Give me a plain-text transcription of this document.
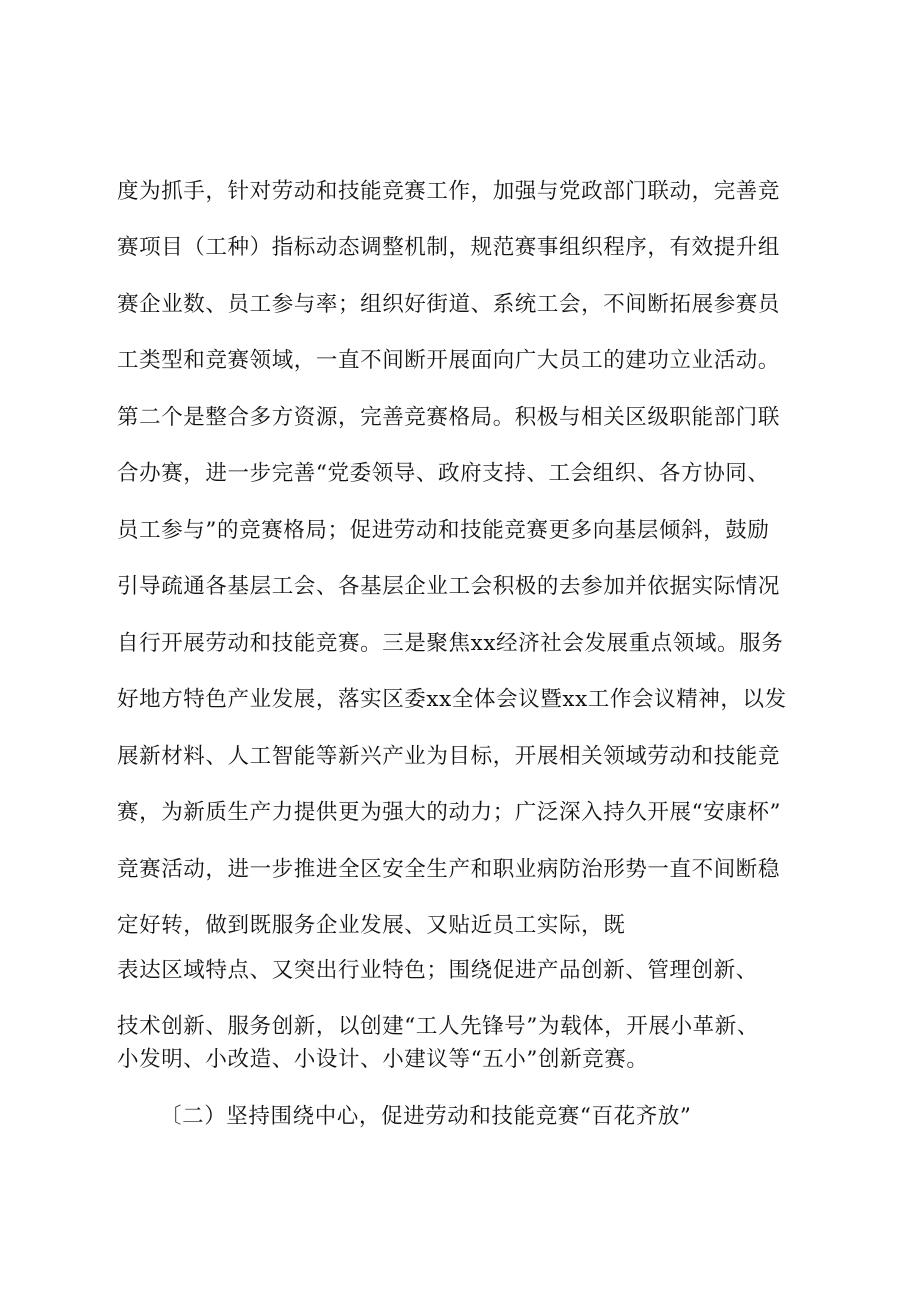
度为抓手，针对劳动和技能竞赛工作，加强与党政部门联动，完善竞
赛项目（工种）指标动态调整机制，规范赛事组织程序，有效提升组
赛企业数、员工参与率；组织好街道、系统工会，不间断拓展参赛员
工类型和竞赛领域，一直不间断开展面向广大员工的建功立业活动。
第二个是整合多方资源，完善竞赛格局。积极与相关区级职能部门联
合办赛，进一步完善“党委领导、政府支持、工会组织、各方协同、
员工参与”的竞赛格局；促进劳动和技能竞赛更多向基层倾斜，鼓励
引导疏通各基层工会、各基层企业工会积极的去参加并依据实际情况
自行开展劳动和技能竞赛。三是聚焦xx经济社会发展重点领域。服务
好地方特色产业发展，落实区委xx全体会议暨xx工作会议精神，以发
展新材料、人工智能等新兴产业为目标，开展相关领域劳动和技能竞
赛，为新质生产力提供更为强大的动力；广泛深入持久开展“安康杯”
竞赛活动，进一步推进全区安全生产和职业病防治形势一直不间断稳
定好转，做到既服务企业发展、又贴近员工实际，既
表达区域特点、又突出行业特色；围绕促进产品创新、管理创新、
技术创新、服务创新，以创建“工人先锋号”为载体，开展小革新、
小发明、小改造、小设计、小建议等“五小”创新竞赛。
〔二）坚持围绕中心，促进劳动和技能竞赛“百花齐放”
